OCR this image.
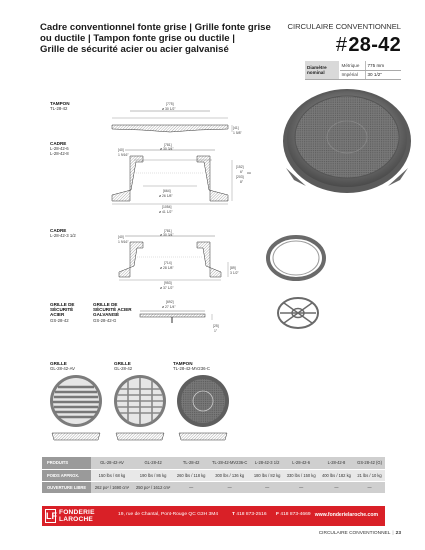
Cadre conventionnel fonte grise | Grille fonte grise
ou ductile | Tampon fonte grise ou ductile |
Grille de sécurité acier ou acier galvanisé
CIRCULAIRE CONVENTIONNEL
#28-42
Diamètre nominal	Métrique	775 mm
	Impérial	30 1/2"
TAMPON
TL-28-42
CADRE
L-28-42-6
L-28-42-8
CADRE
L-28-42-3 1/2
GRILLE DE SÉCURITÉ ACIER
GS-28-42
GRILLE DE SÉCURITÉ ACIER GALVANISÉ
GS-28-42-G
GRILLE
GL-28-42-AV
GRILLE
GL-28-42
TAMPON
TL-28-42-MV236-C
[775]
ø 30 1/2"
[41]
1 5/8"
[781]
ø 30 3/4"
[40]
1 9/16"
[152]
6" ou
[203]
8"
[664]
ø 26 1/8"
[1054]
ø 41 1/2"
[781]
ø 30 3/4"
[40]
1 9/16"
[714]
ø 28 1/8"	[89]
3 1/2"
[953]
ø 37 1/2"
[692]
ø 27 1/4"
[25]
1"
PRODUITS	GL-28-42-AV	GL-28-42	TL-28-42	TL-28-42-MV236-C	L-28-42-3 1/2	L-28-42-6	L-28-42-8	GS-28-42 (G)
POIDS APPROX.	150 lbs / 68 kg	190 lbs / 86 kg	260 lbs / 118 kg	300 lbs / 136 kg	180 lbs / 82 kg	330 lbs / 150 kg	400 lbs / 182 kg	21 lbs / 10 kg
OUVERTURE LIBRE	262 po² / 1690 cm²	250 po² / 1612 cm²	—	—	—	—	—	—
LF FONDERIE
LAROCHE
19, rue de Chantal, Pont-Rouge QC G3H 3M4	T 418 873-2516 F 418 873-4669 www.fonderielaroche.com
CIRCULAIRE CONVENTIONNEL | 23
